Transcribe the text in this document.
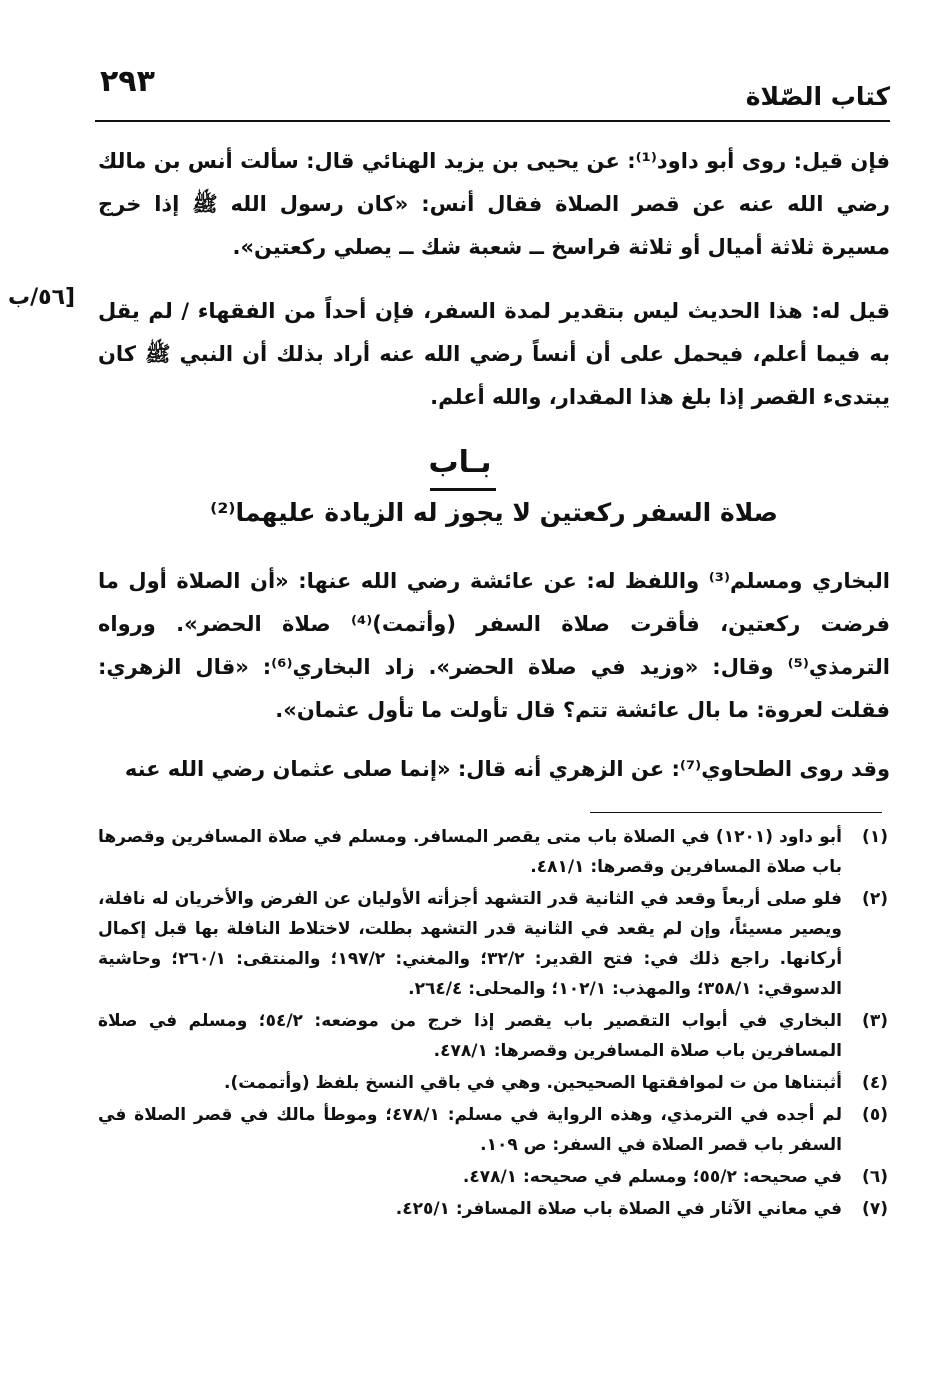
٢٩٣	كتاب الصّلاة

فإن قيل: روى أبو داود⁽¹⁾: عن يحيى بن يزيد الهنائي قال: سألت أنس بن مالك رضي الله عنه عن قصر الصلاة فقال أنس: «كان رسول الله ﷺ إذا خرج مسيرة ثلاثة أميال أو ثلاثة فراسخ ــ شعبة شك ــ يصلي ركعتين».

[٥٦/ب

قيل له: هذا الحديث ليس بتقدير لمدة السفر، فإن أحداً من الفقهاء / لم يقل به فيما أعلم، فيحمل على أن أنساً رضي الله عنه أراد بذلك أن النبي ﷺ كان يبتدىء القصر إذا بلغ هذا المقدار، والله أعلم.

بـاب
صلاة السفر ركعتين لا يجوز له الزيادة عليهما⁽²⁾

البخاري ومسلم⁽³⁾ واللفظ له: عن عائشة رضي الله عنها: «أن الصلاة أول ما فرضت ركعتين، فأقرت صلاة السفر (وأتمت)⁽⁴⁾ صلاة الحضر». ورواه الترمذي⁽⁵⁾ وقال: «وزيد في صلاة الحضر». زاد البخاري⁽⁶⁾: «قال الزهري: فقلت لعروة: ما بال عائشة تتم؟ قال تأولت ما تأول عثمان».

وقد روى الطحاوي⁽⁷⁾: عن الزهري أنه قال: «إنما صلى عثمان رضي الله عنه

(١)
أبو داود (١٢٠١) في الصلاة باب متى يقصر المسافر. ومسلم في صلاة المسافرين وقصرها باب صلاة المسافرين وقصرها: ٤٨١/١.
(٢)
فلو صلى أربعاً وقعد في الثانية قدر التشهد أجزأته الأوليان عن الفرض والأخريان له نافلة، ويصير مسيئاً، وإن لم يقعد في الثانية قدر التشهد بطلت، لاختلاط النافلة بها قبل إكمال أركانها. راجع ذلك في: فتح القدير: ٣٢/٢؛ والمغني: ١٩٧/٢؛ والمنتقى: ٢٦٠/١؛ وحاشية الدسوقي: ٣٥٨/١؛ والمهذب: ١٠٢/١؛ والمحلى: ٢٦٤/٤.
(٣)
البخاري في أبواب التقصير باب يقصر إذا خرج من موضعه: ٥٤/٢؛ ومسلم في صلاة المسافرين باب صلاة المسافرين وقصرها: ٤٧٨/١.
(٤)
أثبتناها من ت لموافقتها الصحيحين. وهي في باقي النسخ بلفظ (وأتممت).
(٥)
لم أجده في الترمذي، وهذه الرواية في مسلم: ٤٧٨/١؛ وموطأ مالك في قصر الصلاة في السفر باب قصر الصلاة في السفر: ص ١٠٩.
(٦)
في صحيحه: ٥٥/٢؛ ومسلم في صحيحه: ٤٧٨/١.
(٧)
في معاني الآثار في الصلاة باب صلاة المسافر: ٤٢٥/١.
